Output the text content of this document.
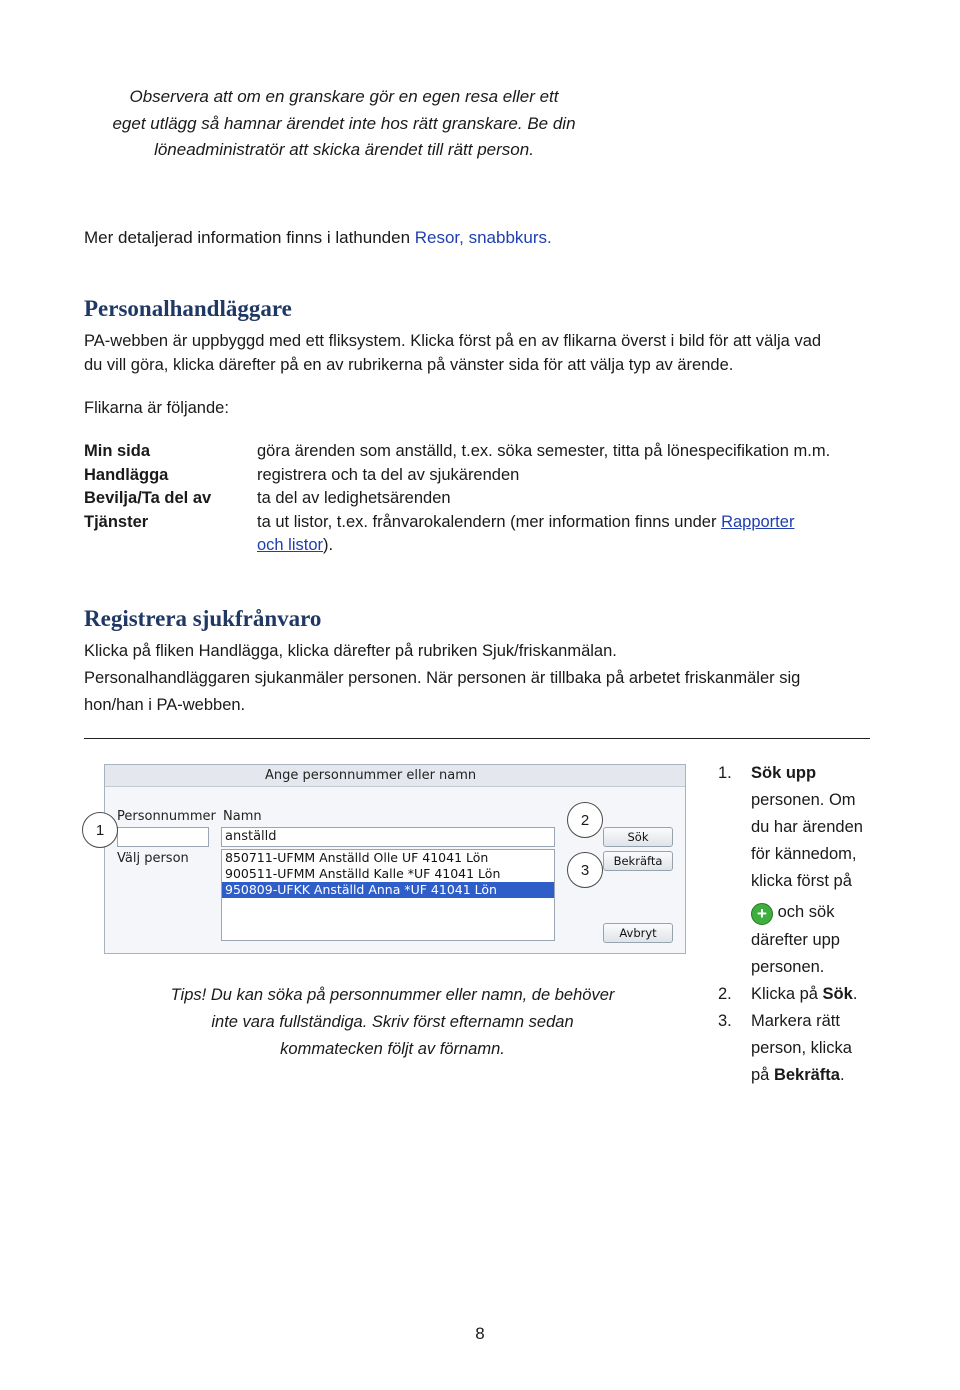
Observera att om en granskare gör en egen resa eller ett
eget utlägg så hamnar ärendet inte hos rätt granskare. Be din
löneadministratör att skicka ärendet till rätt person.
Mer detaljerad information finns i lathunden Resor, snabbkurs.
Personalhandläggare
PA-webben är uppbyggd med ett fliksystem. Klicka först på en av flikarna överst i bild för att välja vad
du vill göra, klicka därefter på en av rubrikerna på vänster sida för att välja typ av ärende.
Flikarna är följande:
Min sida
Handlägga
Bevilja/Ta del av
Tjänster
göra ärenden som anställd, t.ex. söka semester, titta på lönespecifikation m.m.
registrera och ta del av sjukärenden
ta del av ledighetsärenden
ta ut listor, t.ex. frånvarokalendern (mer information finns under Rapporter
och listor).
Registrera sjukfrånvaro
Klicka på fliken Handlägga, klicka därefter på rubriken Sjuk/friskanmälan.
Personalhandläggaren sjukanmäler personen. När personen är tillbaka på arbetet friskanmäler sig
hon/han i PA-webben.
Ange personnummer eller namn
Personnummer Namn
anställd
Välj person	850711-UFMM Anställd Olle UF 41041 Lön
900511-UFMM Anställd Kalle *UF 41041 Lön
950809-UFKK Anställd Anna *UF 41041 Lön
Sök
Bekräfta
Avbryt
1
2
3
Tips! Du kan söka på personnummer eller namn, de behöver
inte vara fullständiga. Skriv först efternamn sedan
kommatecken följt av förnamn.
1. Sök upp
personen. Om
du har ärenden
för kännedom,
klicka först på
+ och sök
därefter upp
personen.
2. Klicka på Sök.
3. Markera rätt
person, klicka
på Bekräfta.
8
